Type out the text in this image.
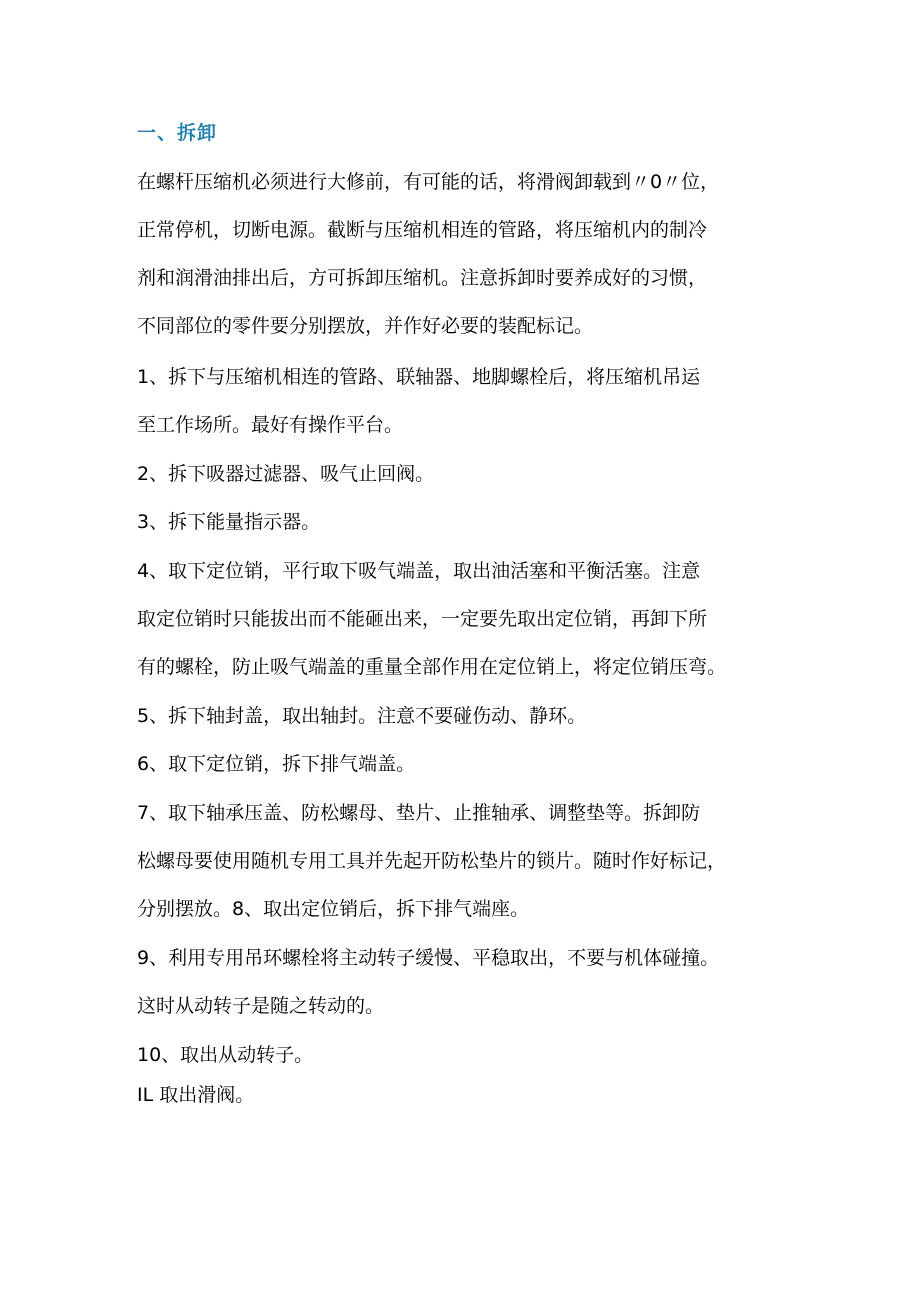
一、拆卸
在螺杆压缩机必须进行大修前，有可能的话，将滑阀卸载到〃0〃位，
正常停机，切断电源。截断与压缩机相连的管路，将压缩机内的制冷
剂和润滑油排出后，方可拆卸压缩机。注意拆卸时要养成好的习惯，
不同部位的零件要分别摆放，并作好必要的装配标记。
1、拆下与压缩机相连的管路、联轴器、地脚螺栓后，将压缩机吊运
至工作场所。最好有操作平台。
2、拆下吸器过滤器、吸气止回阀。
3、拆下能量指示器。
4、取下定位销，平行取下吸气端盖，取出油活塞和平衡活塞。注意
取定位销时只能拔出而不能砸出来，一定要先取出定位销，再卸下所
有的螺栓，防止吸气端盖的重量全部作用在定位销上，将定位销压弯。
5、拆下轴封盖，取出轴封。注意不要碰伤动、静环。
6、取下定位销，拆下排气端盖。
7、取下轴承压盖、防松螺母、垫片、止推轴承、调整垫等。拆卸防
松螺母要使用随机专用工具并先起开防松垫片的锁片。随时作好标记，
分别摆放。8、取出定位销后，拆下排气端座。
9、利用专用吊环螺栓将主动转子缓慢、平稳取出，不要与机体碰撞。
这时从动转子是随之转动的。
10、取出从动转子。
IL 取出滑阀。
